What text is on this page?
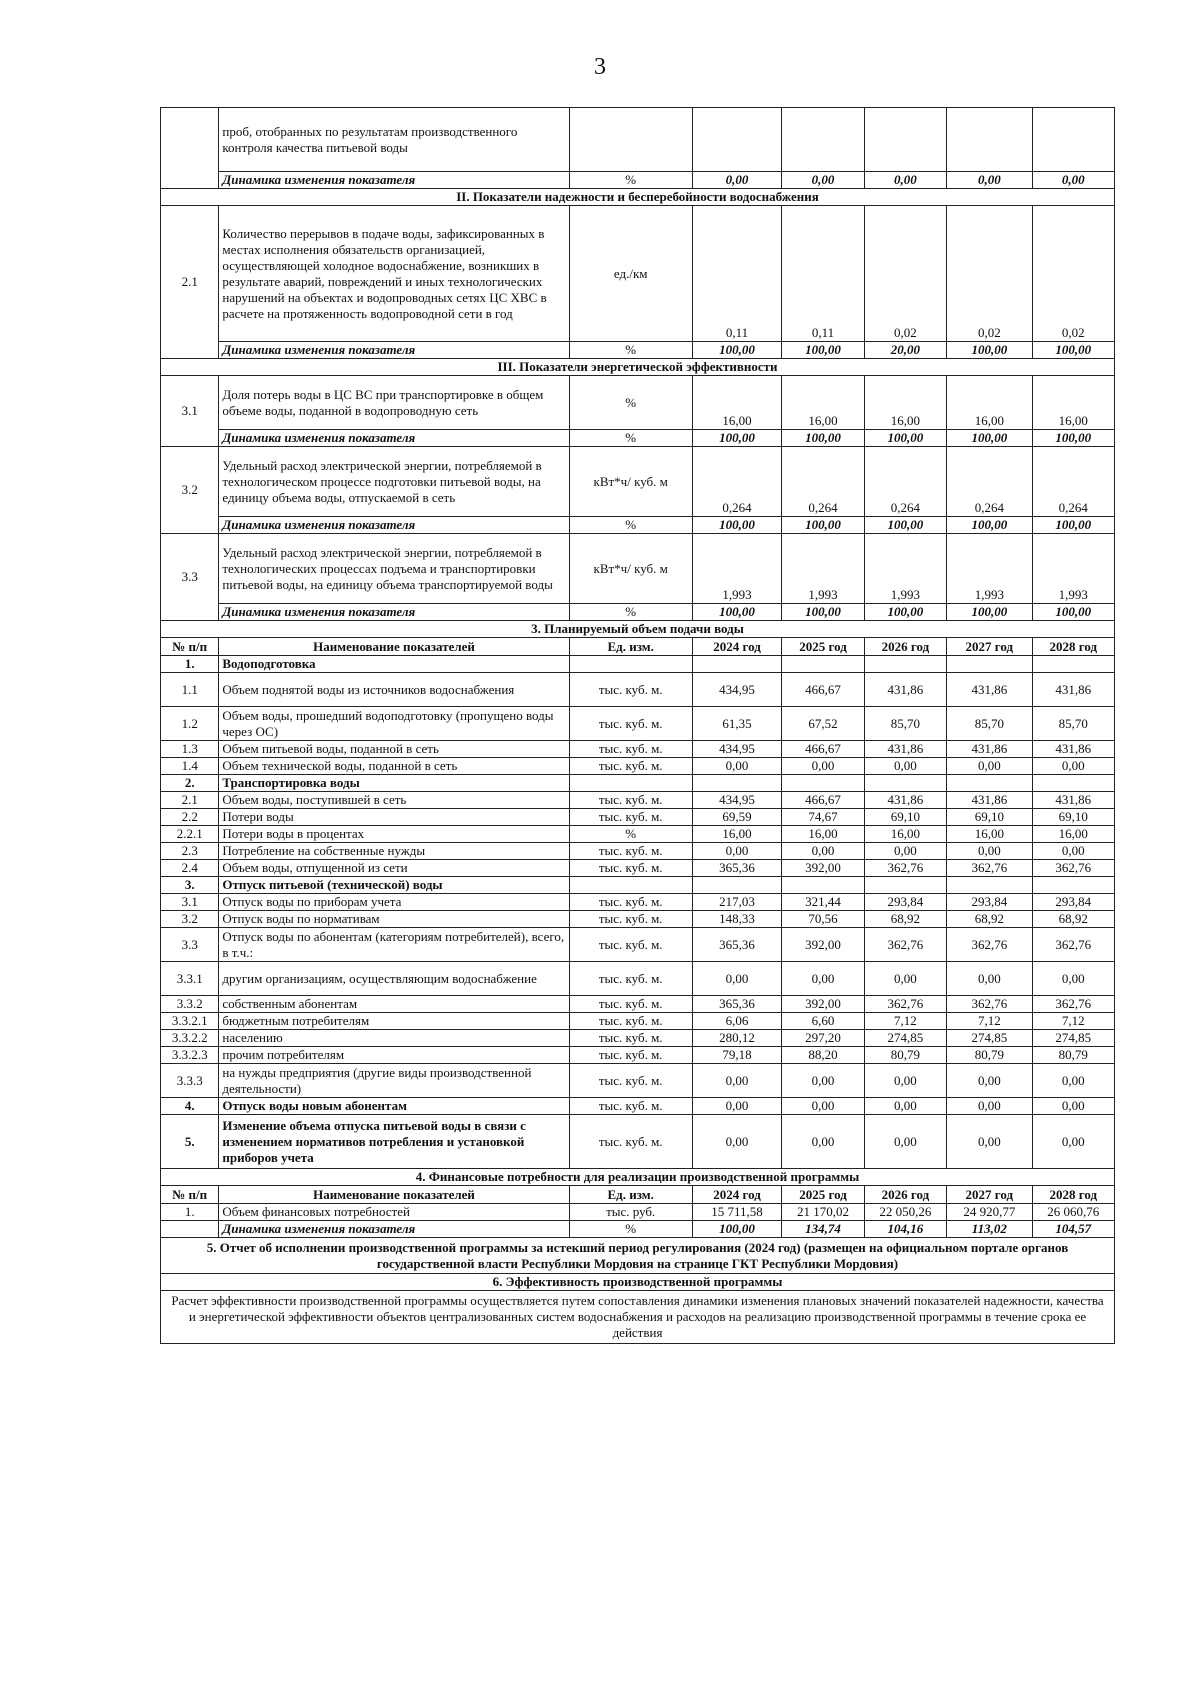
3
	проб, отобранных по результатам производственного контроля качества питьевой воды						
	Динамика изменения показателя	%	0,00	0,00	0,00	0,00	0,00
II. Показатели надежности и бесперебойности водоснабжения							
2.1	Количество перерывов в подаче воды, зафиксированных в местах исполнения обязательств организацией, осуществляющей холодное водоснабжение, возникших в результате аварий, повреждений и иных технологических нарушений на объектах и водопроводных сетях ЦС ХВС в расчете на протяженность водопроводной сети в год	ед./км	0,11	0,11	0,02	0,02	0,02
	Динамика изменения показателя	%	100,00	100,00	20,00	100,00	100,00
III. Показатели энергетической эффективности							
3.1	Доля потерь воды в ЦС ВС при транспортировке в общем объеме воды, поданной в водопроводную сеть	%	16,00	16,00	16,00	16,00	16,00
	Динамика изменения показателя	%	100,00	100,00	100,00	100,00	100,00
3.2	Удельный расход электрической энергии, потребляемой в технологическом процессе подготовки питьевой воды, на единицу объема воды, отпускаемой в сеть	кВт*ч/ куб. м	0,264	0,264	0,264	0,264	0,264
	Динамика изменения показателя	%	100,00	100,00	100,00	100,00	100,00
3.3	Удельный расход электрической энергии, потребляемой в технологических процессах подъема и транспортировки питьевой воды, на единицу объема транспортируемой воды	кВт*ч/ куб. м	1,993	1,993	1,993	1,993	1,993
	Динамика изменения показателя	%	100,00	100,00	100,00	100,00	100,00
3. Планируемый объем подачи воды							
№ п/п	Наименование показателей	Ед. изм.	2024 год	2025 год	2026 год	2027 год	2028 год
1.	Водоподготовка						
1.1	Объем поднятой воды из источников водоснабжения	тыс. куб. м.	434,95	466,67	431,86	431,86	431,86
1.2	Объем воды, прошедший водоподготовку (пропущено воды через ОС)	тыс. куб. м.	61,35	67,52	85,70	85,70	85,70
1.3	Объем питьевой воды, поданной в сеть	тыс. куб. м.	434,95	466,67	431,86	431,86	431,86
1.4	Объем технической воды, поданной в сеть	тыс. куб. м.	0,00	0,00	0,00	0,00	0,00
2.	Транспортировка воды						
2.1	Объем воды, поступившей в сеть	тыс. куб. м.	434,95	466,67	431,86	431,86	431,86
2.2	Потери воды	тыс. куб. м.	69,59	74,67	69,10	69,10	69,10
2.2.1	Потери воды в процентах	%	16,00	16,00	16,00	16,00	16,00
2.3	Потребление на собственные нужды	тыс. куб. м.	0,00	0,00	0,00	0,00	0,00
2.4	Объем воды, отпущенной из сети	тыс. куб. м.	365,36	392,00	362,76	362,76	362,76
3.	Отпуск питьевой (технической) воды						
3.1	Отпуск воды по приборам учета	тыс. куб. м.	217,03	321,44	293,84	293,84	293,84
3.2	Отпуск воды по нормативам	тыс. куб. м.	148,33	70,56	68,92	68,92	68,92
3.3	Отпуск воды по абонентам (категориям потребителей), всего, в т.ч.:	тыс. куб. м.	365,36	392,00	362,76	362,76	362,76
3.3.1	другим организациям, осуществляющим водоснабжение	тыс. куб. м.	0,00	0,00	0,00	0,00	0,00
3.3.2	собственным абонентам	тыс. куб. м.	365,36	392,00	362,76	362,76	362,76
3.3.2.1	бюджетным потребителям	тыс. куб. м.	6,06	6,60	7,12	7,12	7,12
3.3.2.2	населению	тыс. куб. м.	280,12	297,20	274,85	274,85	274,85
3.3.2.3	прочим потребителям	тыс. куб. м.	79,18	88,20	80,79	80,79	80,79
3.3.3	на нужды предприятия (другие виды производственной деятельности)	тыс. куб. м.	0,00	0,00	0,00	0,00	0,00
4.	Отпуск воды новым абонентам	тыс. куб. м.	0,00	0,00	0,00	0,00	0,00
5.	Изменение объема отпуска питьевой воды в связи с изменением нормативов потребления и установкой приборов учета	тыс. куб. м.	0,00	0,00	0,00	0,00	0,00
4. Финансовые потребности для реализации производственной программы							
№ п/п	Наименование показателей	Ед. изм.	2024 год	2025 год	2026 год	2027 год	2028 год
1.	Объем финансовых потребностей	тыс. руб.	15 711,58	21 170,02	22 050,26	24 920,77	26 060,76
	Динамика изменения показателя	%	100,00	134,74	104,16	113,02	104,57
5. Отчет об исполнении производственной программы за истекший период регулирования (2024 год) (размещен на официальном портале органов государственной власти Республики Мордовия на странице ГКТ Республики Мордовия)							
6. Эффективность производственной программы							
Расчет эффективности производственной программы осуществляется путем сопоставления динамики изменения плановых значений показателей надежности, качества и энергетической эффективности объектов централизованных систем водоснабжения и расходов на реализацию производственной программы в течение срока ее действия							
